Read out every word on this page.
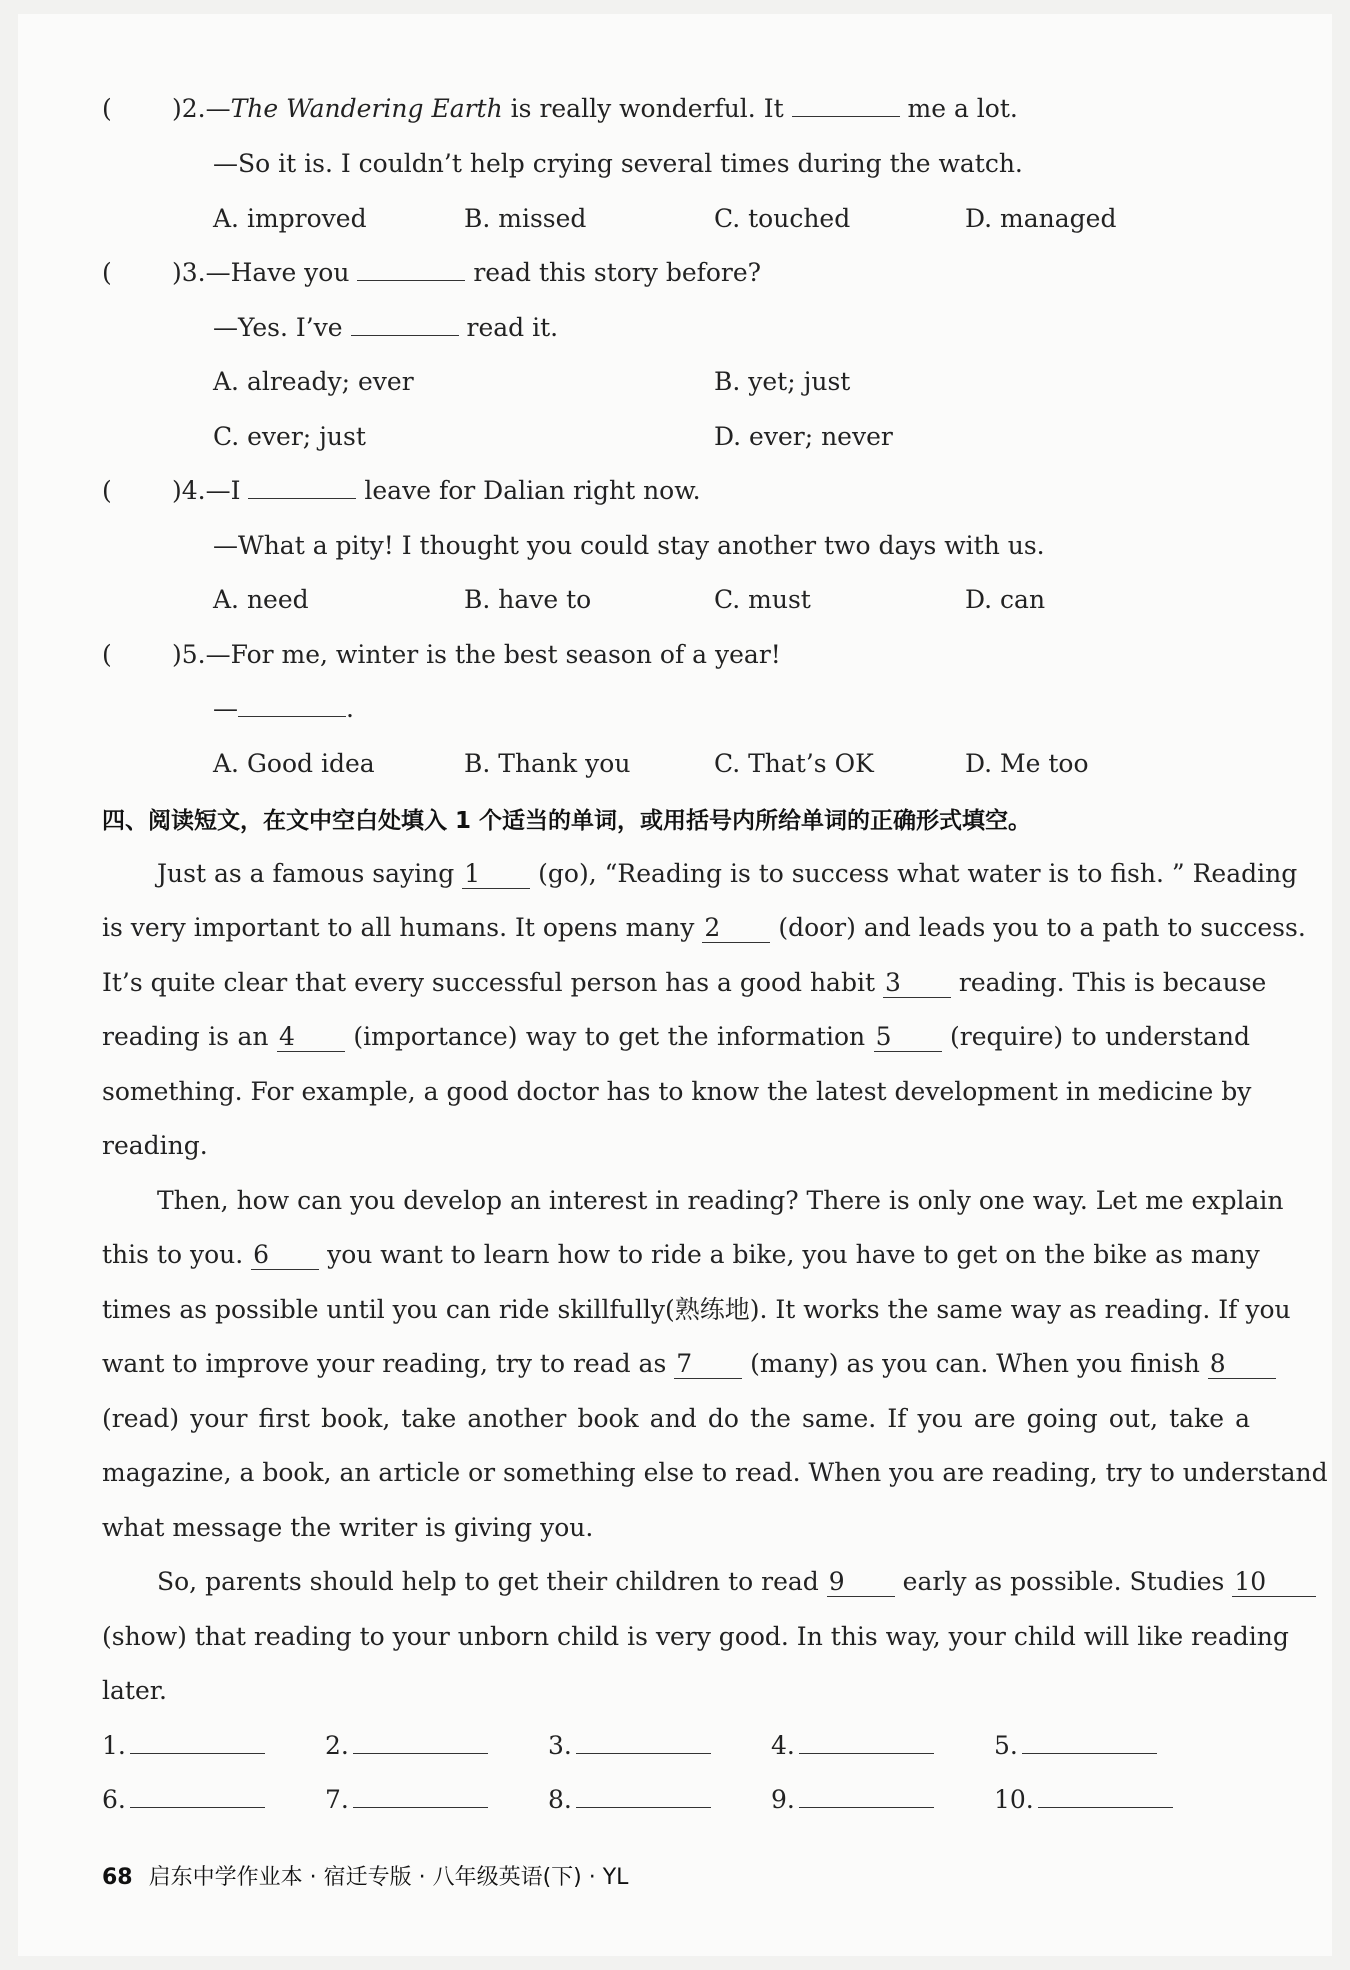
( )2.—The Wandering Earth is really wonderful. It	me a lot.
—So it is. I couldn’t help crying several times during the watch.
A. improved	B. missed	C. touched	D. managed
( )3.—Have you	read this story before?
—Yes. I’ve	read it.
A. already; ever	B. yet; just
C. ever; just	D. ever; never
( )4.—I	leave for Dalian right now.
—What a pity! I thought you could stay another two days with us.
A. need	B. have to	C. must	D. can
( )5.—For me, winter is the best season of a year!
—	.
A. Good idea	B. Thank you	C. That’s OK	D. Me too
四、阅读短文，在文中空白处填入 1 个适当的单词，或用括号内所给单词的正确形式填空。
Just as a famous saying 1 (go), “Reading is to success what water is to fish. ” Reading
is very important to all humans. It opens many 2 (door) and leads you to a path to success.
It’s quite clear that every successful person has a good habit 3 reading. This is because
reading is an 4 (importance) way to get the information 5 (require) to understand
something. For example, a good doctor has to know the latest development in medicine by
reading.
Then, how can you develop an interest in reading? There is only one way. Let me explain
this to you. 6 you want to learn how to ride a bike, you have to get on the bike as many
times as possible until you can ride skillfully(熟练地). It works the same way as reading. If you
want to improve your reading, try to read as 7 (many) as you can. When you finish 8
(read) your first book, take another book and do the same. If you are going out, take a
magazine, a book, an article or something else to read. When you are reading, try to understand
what message the writer is giving you.
So, parents should help to get their children to read 9 early as possible. Studies 10
(show) that reading to your unborn child is very good. In this way, your child will like reading
later.
1.	2.	3.	4.	5.
6.	7.	8.	9.	10.
68 启东中学作业本 · 宿迁专版 · 八年级英语(下) · YL
